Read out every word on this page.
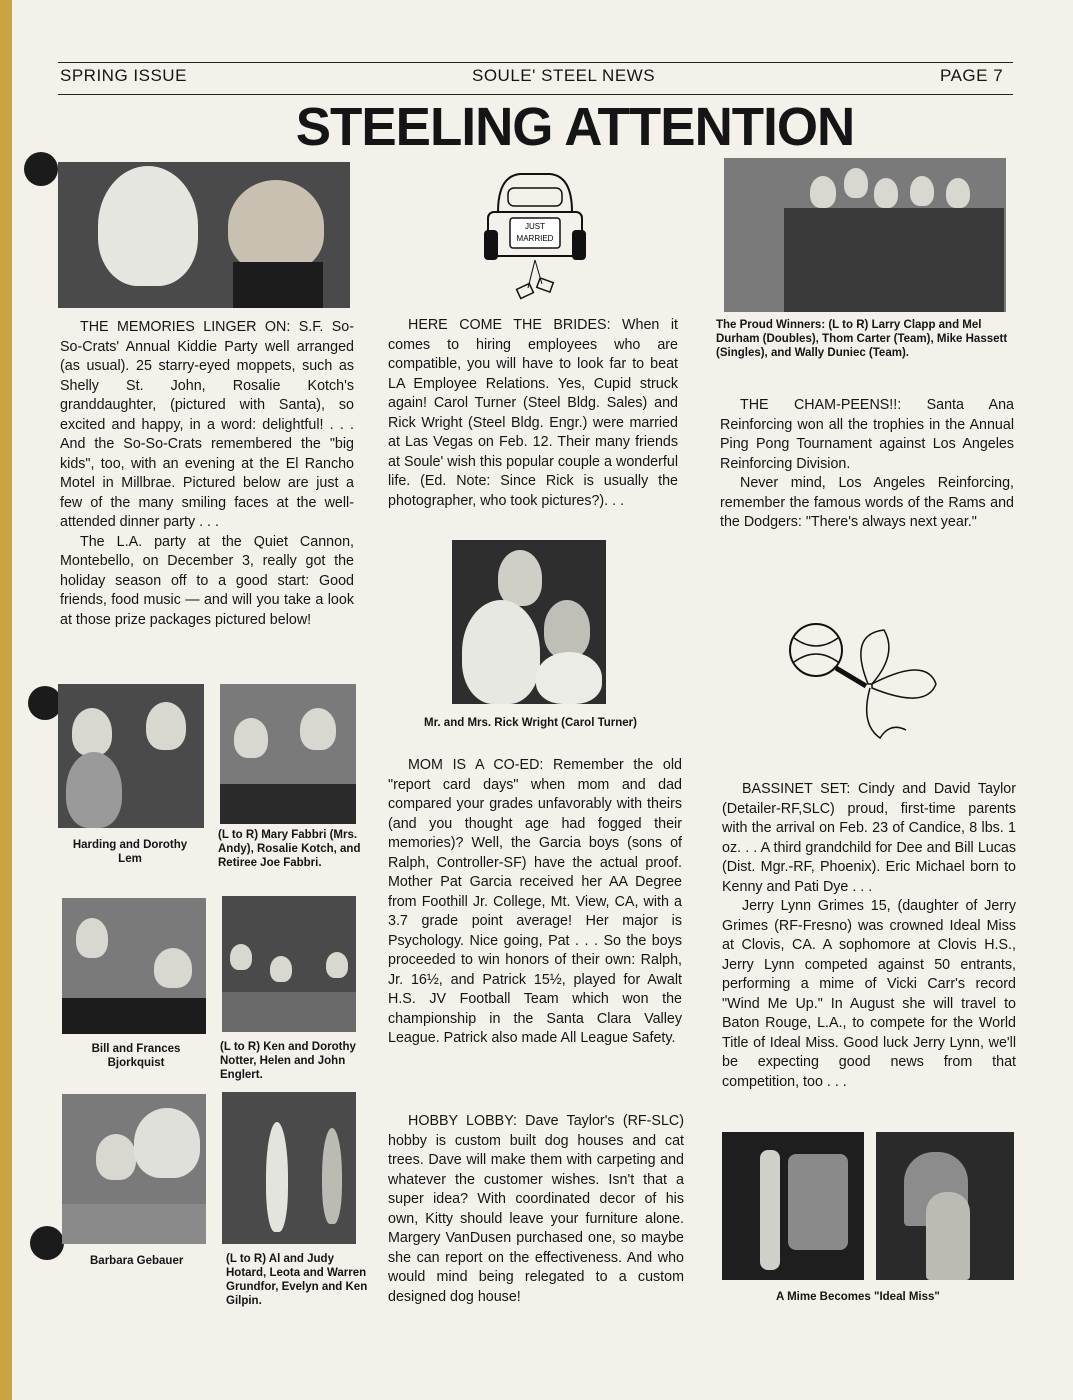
SPRING ISSUE	SOULE' STEEL NEWS	PAGE 7
STEELING ATTENTION

THE MEMORIES LINGER ON: S.F. So-So-Crats' Annual Kiddie Party well arranged (as usual). 25 starry-eyed moppets, such as Shelly St. John, Rosalie Kotch's granddaughter, (pictured with Santa), so excited and happy, in a word: delightful! . . . And the So-So-Crats remembered the "big kids", too, with an evening at the El Rancho Motel in Millbrae. Pictured below are just a few of the many smiling faces at the well-attended dinner party . . .

The L.A. party at the Quiet Cannon, Montebello, on December 3, really got the holiday season off to a good start: Good friends, food music — and will you take a look at those prize packages pictured below!

Harding and Dorothy Lem
(L to R) Mary Fabbri (Mrs. Andy), Rosalie Kotch, and Retiree Joe Fabbri.
Bill and Frances Bjorkquist
(L to R) Ken and Dorothy Notter, Helen and John Englert.
Barbara Gebauer	(L to R) Al and Judy Hotard, Leota and Warren Grundfor, Evelyn and Ken Gilpin.
JUST
MARRIED

HERE COME THE BRIDES: When it comes to hiring employees who are compatible, you will have to look far to beat LA Employee Relations. Yes, Cupid struck again! Carol Turner (Steel Bldg. Sales) and Rick Wright (Steel Bldg. Engr.) were married at Las Vegas on Feb. 12. Their many friends at Soule' wish this popular couple a wonderful life. (Ed. Note: Since Rick is usually the photographer, who took pictures?). . .

Mr. and Mrs. Rick Wright (Carol Turner)

MOM IS A CO-ED: Remember the old "report card days" when mom and dad compared your grades unfavorably with theirs (and you thought age had fogged their memories)? Well, the Garcia boys (sons of Ralph, Controller-SF) have the actual proof. Mother Pat Garcia received her AA Degree from Foothill Jr. College, Mt. View, CA, with a 3.7 grade point average! Her major is Psychology. Nice going, Pat . . . So the boys proceeded to win honors of their own: Ralph, Jr. 16½, and Patrick 15½, played for Awalt H.S. JV Football Team which won the championship in the Santa Clara Valley League. Patrick also made All League Safety.

HOBBY LOBBY: Dave Taylor's (RF-SLC) hobby is custom built dog houses and cat trees. Dave will make them with carpeting and whatever the customer wishes. Isn't that a super idea? With coordinated decor of his own, Kitty should leave your furniture alone. Margery VanDusen purchased one, so maybe she can report on the effectiveness. And who would mind being relegated to a custom designed dog house!

The Proud Winners: (L to R) Larry Clapp and Mel Durham (Doubles), Thom Carter (Team), Mike Hassett (Singles), and Wally Duniec (Team).

THE CHAM-PEENS!!: Santa Ana Reinforcing won all the trophies in the Annual Ping Pong Tournament against Los Angeles Reinforcing Division.

Never mind, Los Angeles Reinforcing, remember the famous words of the Rams and the Dodgers: "There's always next year."

BASSINET SET: Cindy and David Taylor (Detailer-RF,SLC) proud, first-time parents with the arrival on Feb. 23 of Candice, 8 lbs. 1 oz. . . A third grandchild for Dee and Bill Lucas (Dist. Mgr.-RF, Phoenix). Eric Michael born to Kenny and Pati Dye . . .

Jerry Lynn Grimes 15, (daughter of Jerry Grimes (RF-Fresno) was crowned Ideal Miss at Clovis, CA. A sophomore at Clovis H.S., Jerry Lynn competed against 50 entrants, performing a mime of Vicki Carr's record "Wind Me Up." In August she will travel to Baton Rouge, L.A., to compete for the World Title of Ideal Miss. Good luck Jerry Lynn, we'll be expecting good news from that competition, too . . .

A Mime Becomes "Ideal Miss"
